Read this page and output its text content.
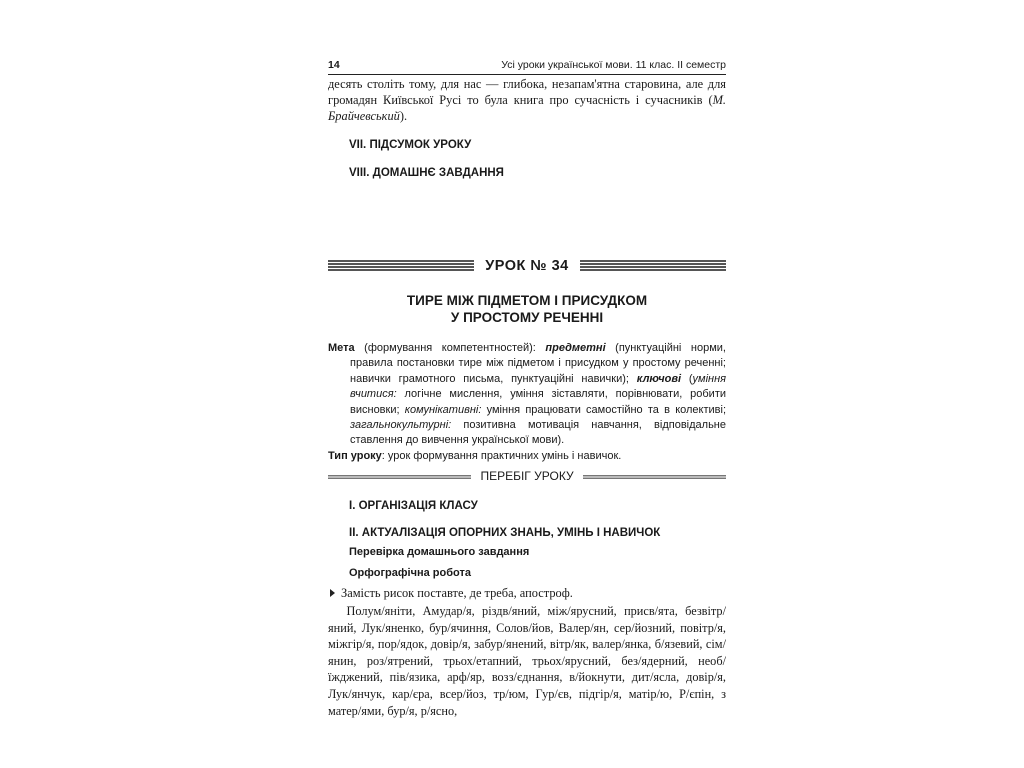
14	Усі уроки української мови. 11 клас. ІІ семестр

десять століть тому, для нас — глибока, незапам'ятна старовина, але для громадян Київської Русі то була книга про сучасність і сучасників (М. Брайчевський).

VII. ПІДСУМОК УРОКУ
VIII. ДОМАШНЄ ЗАВДАННЯ
УРОК № 34
ТИРЕ МІЖ ПІДМЕТОМ І ПРИСУДКОМ
У ПРОСТОМУ РЕЧЕННІ

Мета (формування компетентностей): предметні (пунктуаційні норми, правила постановки тире між підметом і присудком у простому реченні; навички грамотного письма, пунктуаційні навички); ключові (уміння вчитися: логічне мислення, уміння зіставляти, порівнювати, робити висновки; комунікативні: уміння працювати самостійно та в колективі; загальнокультурні: позитивна мотивація навчання, відповідальне ставлення до вивчення української мови).

Тип уроку: урок формування практичних умінь і навичок.

ПЕРЕБІГ УРОКУ
І. ОРГАНІЗАЦІЯ КЛАСУ
ІІ. АКТУАЛІЗАЦІЯ ОПОРНИХ ЗНАНЬ, УМІНЬ І НАВИЧОК
Перевірка домашнього завдання
Орфографічна робота
Замість рисок поставте, де треба, апостроф.

  Полум/яніти, Амудар/я, різдв/яний, між/ярусний, присв/ята, безвітр/яний, Лук/яненко, бур/ячиння, Солов/йов, Валер/ян, сер/йозний, повітр/я, міжгір/я, пор/ядок, довір/я, забур/янений, вітр/як, валер/янка, б/язевий, сім/янин, роз/ятрений, трьох/етапний, трьох/ярусний, без/ядерний, необ/їжджений, пів/язика, арф/яр, возз/єднання, в/йокнути, дит/ясла, довір/я, Лук/янчук, кар/єра, всер/йоз, тр/юм, Гур/єв, підгір/я, матір/ю, Р/єпін, з матер/ями, бур/я, р/ясно,
